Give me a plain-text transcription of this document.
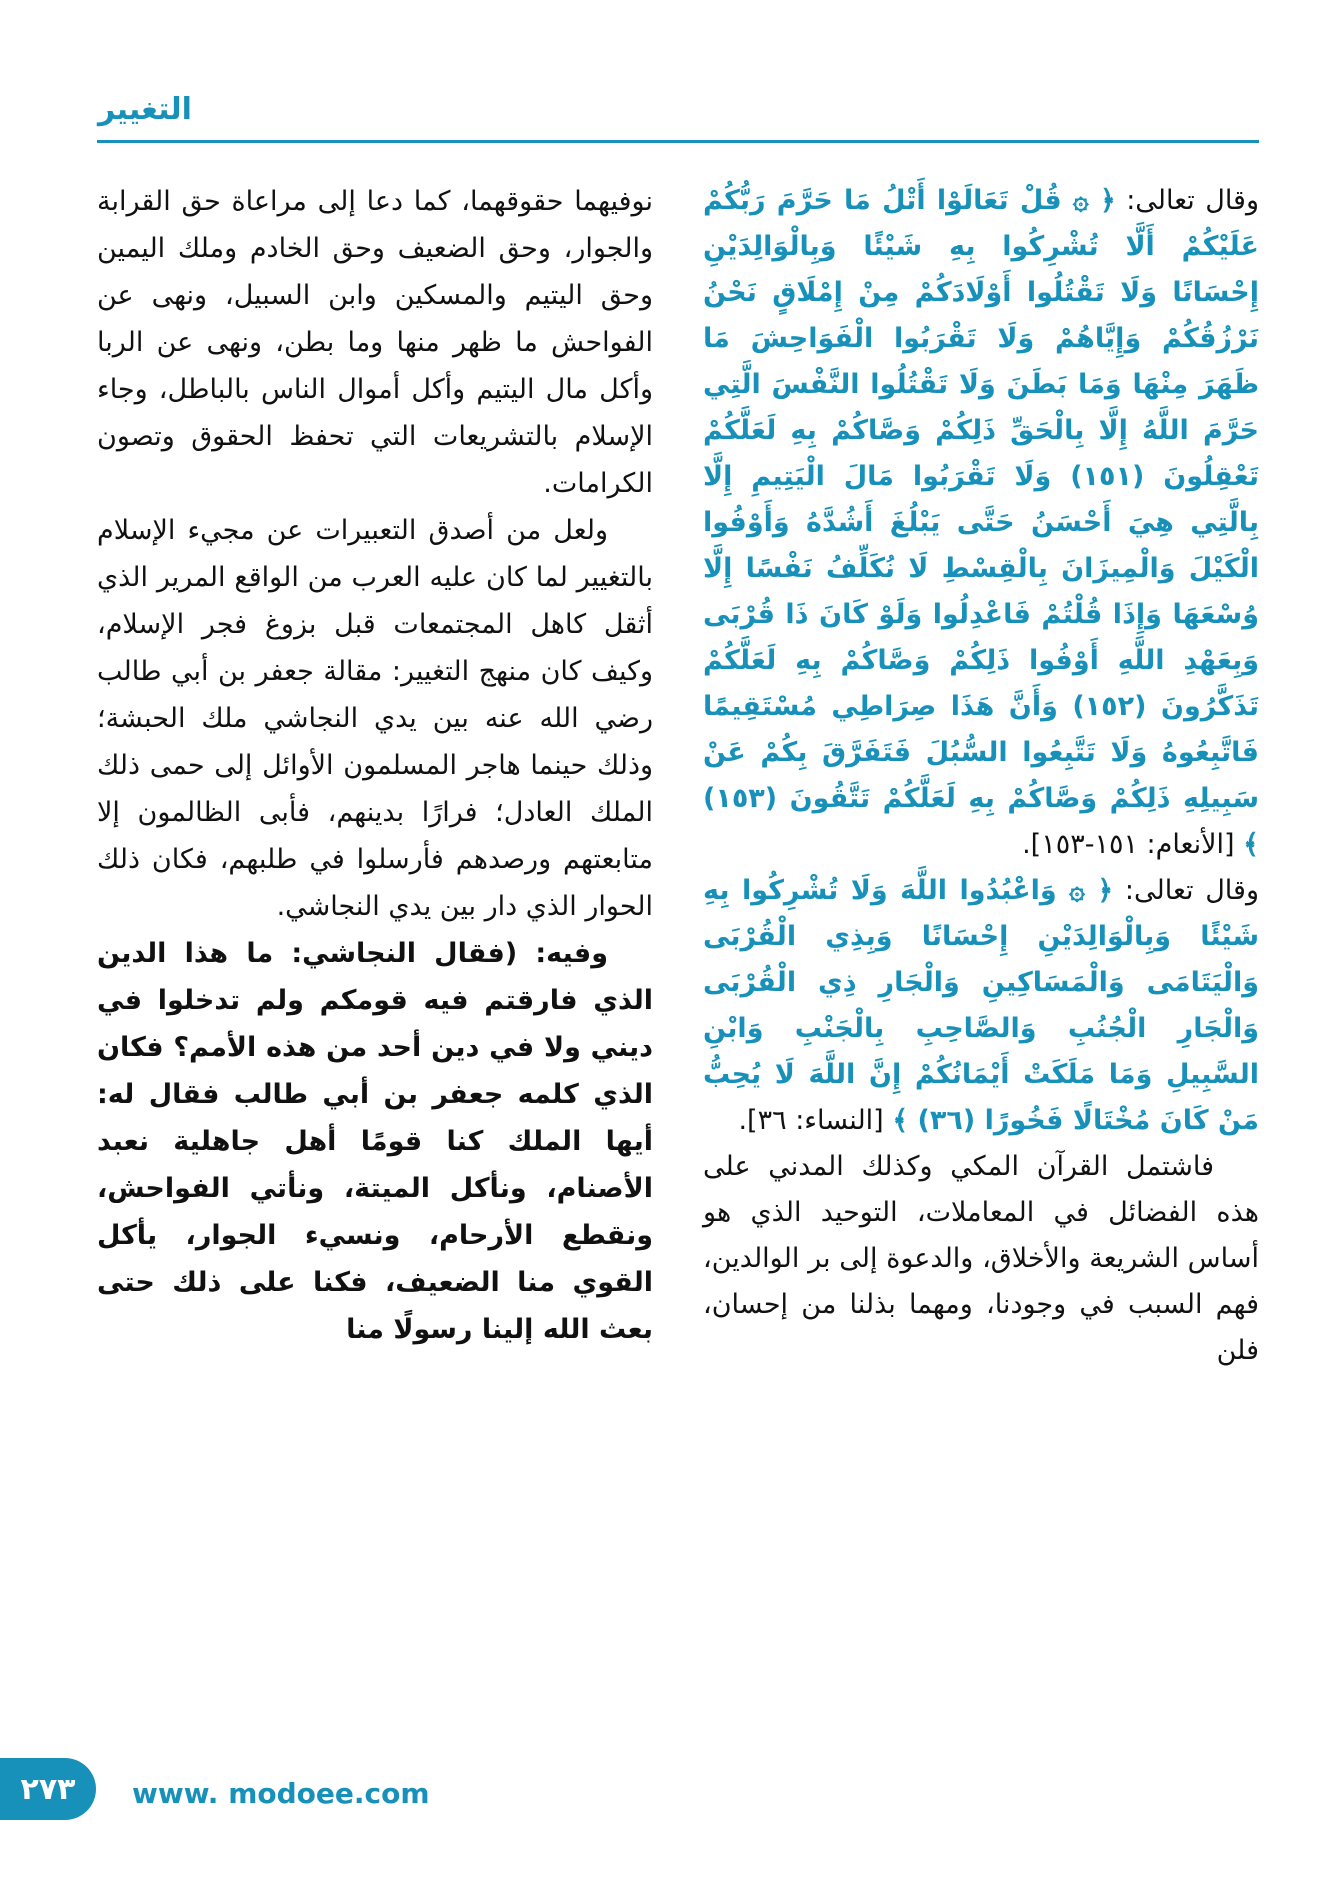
التغيير

وقال تعالى: ﴿ ۞ قُلْ تَعَالَوْا أَتْلُ مَا حَرَّمَ رَبُّكُمْ عَلَيْكُمْ أَلَّا تُشْرِكُوا بِهِ شَيْئًا وَبِالْوَالِدَيْنِ إِحْسَانًا وَلَا تَقْتُلُوا أَوْلَادَكُمْ مِنْ إِمْلَاقٍ نَحْنُ نَرْزُقُكُمْ وَإِيَّاهُمْ وَلَا تَقْرَبُوا الْفَوَاحِشَ مَا ظَهَرَ مِنْهَا وَمَا بَطَنَ وَلَا تَقْتُلُوا النَّفْسَ الَّتِي حَرَّمَ اللَّهُ إِلَّا بِالْحَقِّ ذَلِكُمْ وَصَّاكُمْ بِهِ لَعَلَّكُمْ تَعْقِلُونَ (١٥١) وَلَا تَقْرَبُوا مَالَ الْيَتِيمِ إِلَّا بِالَّتِي هِيَ أَحْسَنُ حَتَّى يَبْلُغَ أَشُدَّهُ وَأَوْفُوا الْكَيْلَ وَالْمِيزَانَ بِالْقِسْطِ لَا نُكَلِّفُ نَفْسًا إِلَّا وُسْعَهَا وَإِذَا قُلْتُمْ فَاعْدِلُوا وَلَوْ كَانَ ذَا قُرْبَى وَبِعَهْدِ اللَّهِ أَوْفُوا ذَلِكُمْ وَصَّاكُمْ بِهِ لَعَلَّكُمْ تَذَكَّرُونَ (١٥٢) وَأَنَّ هَذَا صِرَاطِي مُسْتَقِيمًا فَاتَّبِعُوهُ وَلَا تَتَّبِعُوا السُّبُلَ فَتَفَرَّقَ بِكُمْ عَنْ سَبِيلِهِ ذَلِكُمْ وَصَّاكُمْ بِهِ لَعَلَّكُمْ تَتَّقُونَ (١٥٣) ﴾ [الأنعام: ١٥١-١٥٣].

وقال تعالى: ﴿ ۞ وَاعْبُدُوا اللَّهَ وَلَا تُشْرِكُوا بِهِ شَيْئًا وَبِالْوَالِدَيْنِ إِحْسَانًا وَبِذِي الْقُرْبَى وَالْيَتَامَى وَالْمَسَاكِينِ وَالْجَارِ ذِي الْقُرْبَى وَالْجَارِ الْجُنُبِ وَالصَّاحِبِ بِالْجَنْبِ وَابْنِ السَّبِيلِ وَمَا مَلَكَتْ أَيْمَانُكُمْ إِنَّ اللَّهَ لَا يُحِبُّ مَنْ كَانَ مُخْتَالًا فَخُورًا (٣٦) ﴾ [النساء: ٣٦].

فاشتمل القرآن المكي وكذلك المدني على هذه الفضائل في المعاملات، التوحيد الذي هو أساس الشريعة والأخلاق، والدعوة إلى بر الوالدين، فهم السبب في وجودنا، ومهما بذلنا من إحسان، فلن

نوفيهما حقوقهما، كما دعا إلى مراعاة حق القرابة والجوار، وحق الضعيف وحق الخادم وملك اليمين وحق اليتيم والمسكين وابن السبيل، ونهى عن الفواحش ما ظهر منها وما بطن، ونهى عن الربا وأكل مال اليتيم وأكل أموال الناس بالباطل، وجاء الإسلام بالتشريعات التي تحفظ الحقوق وتصون الكرامات.

ولعل من أصدق التعبيرات عن مجيء الإسلام بالتغيير لما كان عليه العرب من الواقع المرير الذي أثقل كاهل المجتمعات قبل بزوغ فجر الإسلام، وكيف كان منهج التغيير: مقالة جعفر بن أبي طالب رضي الله عنه بين يدي النجاشي ملك الحبشة؛ وذلك حينما هاجر المسلمون الأوائل إلى حمى ذلك الملك العادل؛ فرارًا بدينهم، فأبى الظالمون إلا متابعتهم ورصدهم فأرسلوا في طلبهم، فكان ذلك الحوار الذي دار بين يدي النجاشي.

وفيه: (فقال النجاشي: ما هذا الدين الذي فارقتم فيه قومكم ولم تدخلوا في ديني ولا في دين أحد من هذه الأمم؟ فكان الذي كلمه جعفر بن أبي طالب فقال له: أيها الملك كنا قومًا أهل جاهلية نعبد الأصنام، ونأكل الميتة، ونأتي الفواحش، ونقطع الأرحام، ونسيء الجوار، يأكل القوي منا الضعيف، فكنا على ذلك حتى بعث الله إلينا رسولًا منا

٢٧٣ www. modoee.com
